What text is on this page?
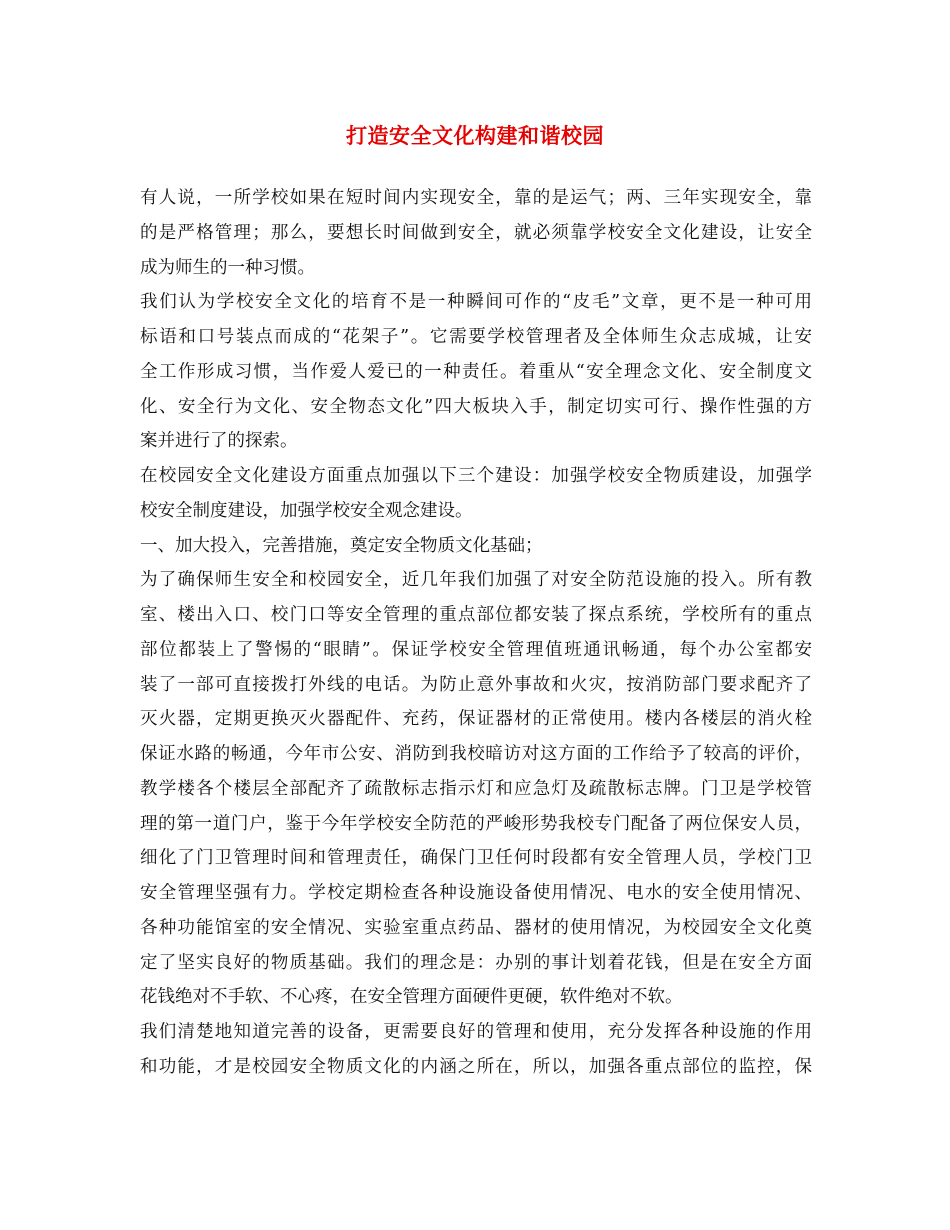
打造安全文化构建和谐校园
有人说，一所学校如果在短时间内实现安全，靠的是运气；两、三年实现安全，靠
的是严格管理；那么，要想长时间做到安全，就必须靠学校安全文化建设，让安全
成为师生的一种习惯。
我们认为学校安全文化的培育不是一种瞬间可作的“皮毛”文章，更不是一种可用
标语和口号装点而成的“花架子”。它需要学校管理者及全体师生众志成城，让安
全工作形成习惯，当作爱人爱已的一种责任。着重从“安全理念文化、安全制度文
化、安全行为文化、安全物态文化”四大板块入手，制定切实可行、操作性强的方
案并进行了的探索。
在校园安全文化建设方面重点加强以下三个建设：加强学校安全物质建设，加强学
校安全制度建设，加强学校安全观念建设。
一、加大投入，完善措施，奠定安全物质文化基础；
为了确保师生安全和校园安全，近几年我们加强了对安全防范设施的投入。所有教
室、楼出入口、校门口等安全管理的重点部位都安装了探点系统，学校所有的重点
部位都装上了警惕的“眼睛”。保证学校安全管理值班通讯畅通，每个办公室都安
装了一部可直接拨打外线的电话。为防止意外事故和火灾，按消防部门要求配齐了
灭火器，定期更换灭火器配件、充药，保证器材的正常使用。楼内各楼层的消火栓
保证水路的畅通，今年市公安、消防到我校暗访对这方面的工作给予了较高的评价，
教学楼各个楼层全部配齐了疏散标志指示灯和应急灯及疏散标志牌。门卫是学校管
理的第一道门户，鉴于今年学校安全防范的严峻形势我校专门配备了两位保安人员，
细化了门卫管理时间和管理责任，确保门卫任何时段都有安全管理人员，学校门卫
安全管理坚强有力。学校定期检查各种设施设备使用情况、电水的安全使用情况、
各种功能馆室的安全情况、实验室重点药品、器材的使用情况，为校园安全文化奠
定了坚实良好的物质基础。我们的理念是：办别的事计划着花钱，但是在安全方面
花钱绝对不手软、不心疼，在安全管理方面硬件更硬，软件绝对不软。
我们清楚地知道完善的设备，更需要良好的管理和使用，充分发挥各种设施的作用
和功能，才是校园安全物质文化的内涵之所在，所以，加强各重点部位的监控，保
